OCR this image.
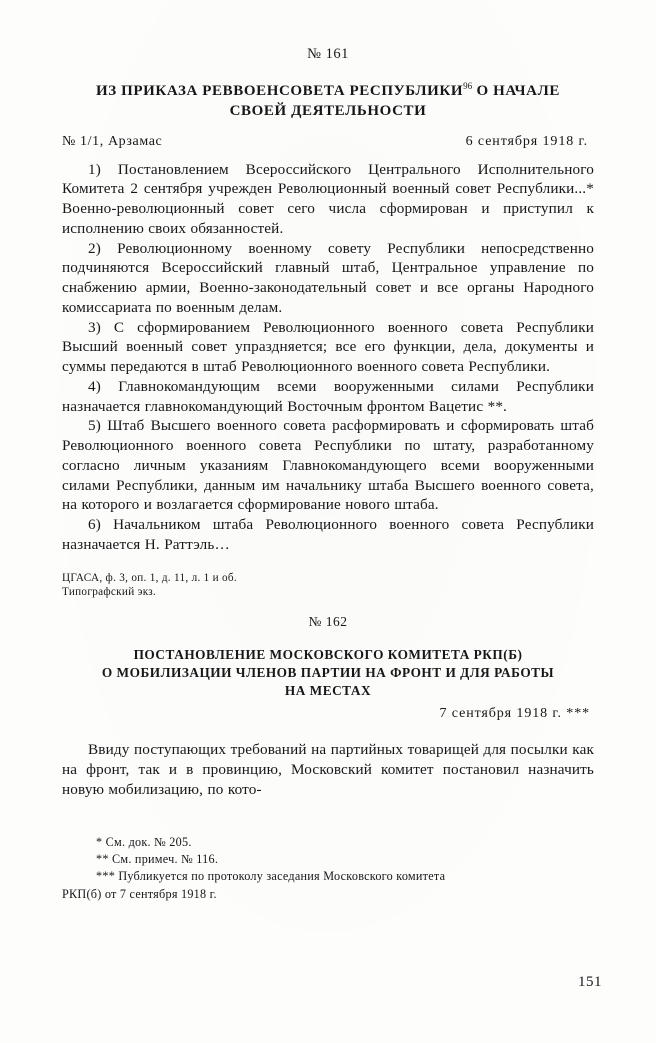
№ 161
ИЗ ПРИКАЗА РЕВВОЕНСОВЕТА РЕСПУБЛИКИ$^{96}$ О НАЧАЛЕ
СВОЕЙ ДЕЯТЕЛЬНОСТИ
№ 1/1, Арзамас	6 сентября 1918 г.

1) Постановлением Всероссийского Центрального Исполнительного Комитета 2 сентября учрежден Революционный военный совет Республики...* Военно-революционный совет сего числа сформирован и приступил к исполнению своих обязанностей.

2) Революционному военному совету Республики непосредственно подчиняются Всероссийский главный штаб, Центральное управление по снабжению армии, Военно-законодательный совет и все органы Народного комиссариата по военным делам.

3) С сформированием Революционного военного совета Республики Высший военный совет упраздняется; все его функции, дела, документы и суммы передаются в штаб Революционного военного совета Республики.

4) Главнокомандующим всеми вооруженными силами Республики назначается главнокомандующий Восточным фронтом Вацетис **.

5) Штаб Высшего военного совета расформировать и сформировать штаб Революционного военного совета Республики по штату, разработанному согласно личным указаниям Главнокомандующего всеми вооруженными силами Республики, данным им начальнику штаба Высшего военного совета, на которого и возлагается сформирование нового штаба.

6) Начальником штаба Революционного военного совета Республики назначается Н. Раттэль…

ЦГАСА, ф. 3, оп. 1, д. 11, л. 1 и об.
Типографский экз.
№ 162
ПОСТАНОВЛЕНИЕ МОСКОВСКОГО КОМИТЕТА РКП(Б)
О МОБИЛИЗАЦИИ ЧЛЕНОВ ПАРТИИ НА ФРОНТ И ДЛЯ РАБОТЫ
НА МЕСТАХ
7 сентября 1918 г. ***

Ввиду поступающих требований на партийных товарищей для посылки как на фронт, так и в провинцию, Московский комитет постановил назначить новую мобилизацию, по кото-

* См. док. № 205.

** См. примеч. № 116.

*** Публикуется по протоколу заседания Московского комитета

РКП(б) от 7 сентября 1918 г.

151
